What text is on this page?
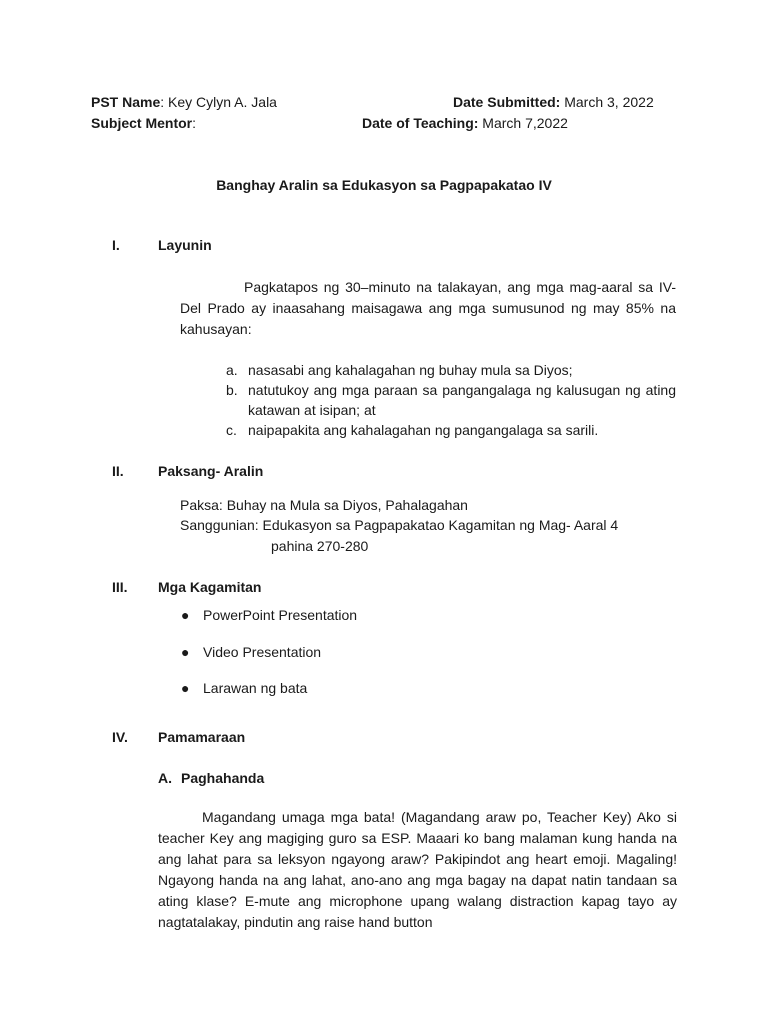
PST Name: Key Cylyn A. Jala
Subject Mentor:
Date Submitted: March 3, 2022
Date of Teaching: March 7,2022
Banghay Aralin sa Edukasyon sa Pagpapakatao IV
I.	Layunin
Pagkatapos ng 30–minuto na talakayan, ang mga mag-aaral sa IV-Del Prado ay inaasahang maisagawa ang mga sumusunod ng may 85% na kahusayan:
a. nasasabi ang kahalagahan ng buhay mula sa Diyos;
b. natutukoy ang mga paraan sa pangangalaga ng kalusugan ng ating katawan at isipan; at
c. naipapakita ang kahalagahan ng pangangalaga sa sarili.
II. Paksang- Aralin
Paksa: Buhay na Mula sa Diyos, Pahalagahan
Sanggunian: Edukasyon sa Pagpapakatao Kagamitan ng Mag- Aaral 4
pahina 270-280
III. Mga Kagamitan
● PowerPoint Presentation
● Video Presentation
● Larawan ng bata
IV. Pamamaraan
A. Paghahanda
Magandang umaga mga bata! (Magandang araw po, Teacher Key) Ako si teacher Key ang magiging guro sa ESP. Maaari ko bang malaman kung handa na ang lahat para sa leksyon ngayong araw? Pakipindot ang heart emoji. Magaling! Ngayong handa na ang lahat, ano-ano ang mga bagay na dapat natin tandaan sa ating klase? E-mute ang microphone upang walang distraction kapag tayo ay nagtatalakay, pindutin ang raise hand button
